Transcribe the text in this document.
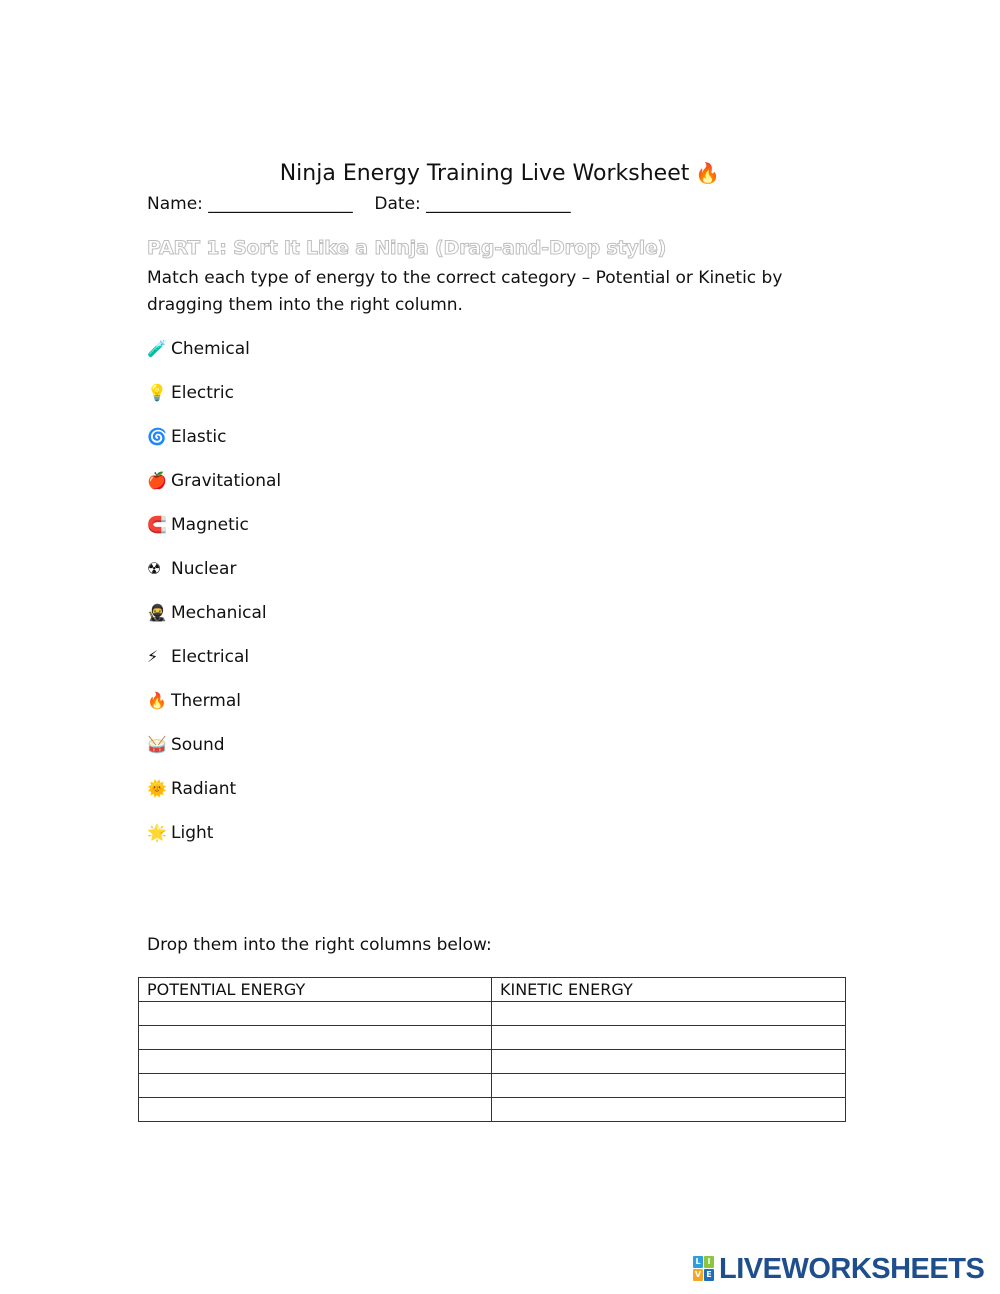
Ninja Energy Training Live Worksheet 🔥
Name: _________________ Date: _________________
PART 1: Sort It Like a Ninja (Drag-and-Drop style)
Match each type of energy to the correct category – Potential or Kinetic by dragging them into the right column.
🧪 Chemical
💡 Electric
🌀 Elastic
🍎 Gravitational
🧲 Magnetic
☢ Nuclear
🥷 Mechanical
⚡ Electrical
🔥 Thermal
🥁 Sound
🌞 Radiant
🌟 Light
Drop them into the right columns below:
POTENTIAL ENERGY	KINETIC ENERGY

L I
V E LIVEWORKSHEETS
